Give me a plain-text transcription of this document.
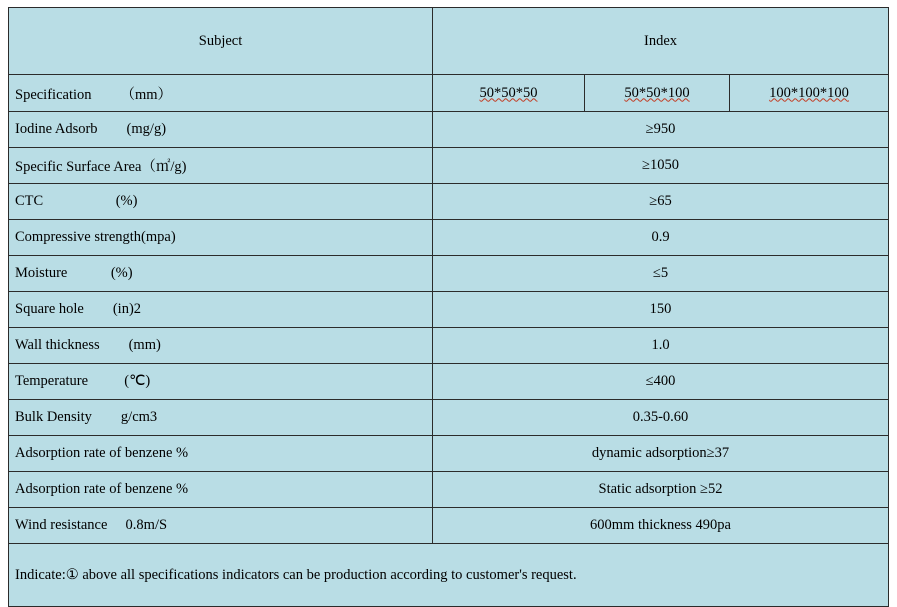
Subject	Index		
Specification        （mm）	50*50*50	50*50*100	100*100*100
Iodine Adsorb        (mg/g)	≥950		
Specific Surface Area（㎡/g)	≥1050		
CTC                    (%)	≥65		
Compressive strength(mpa)	0.9		
Moisture            (%)	≤5		
Square hole        (in)2	150		
Wall thickness        (mm)	1.0		
Temperature          (℃)	≤400		
Bulk Density        g/cm3	0.35-0.60		
Adsorption rate of benzene %	dynamic adsorption≥37		
Adsorption rate of benzene %	Static adsorption ≥52		
Wind resistance     0.8m/S	600mm thickness 490pa		
Indicate:① above all specifications indicators can be production according to customer's request.			
